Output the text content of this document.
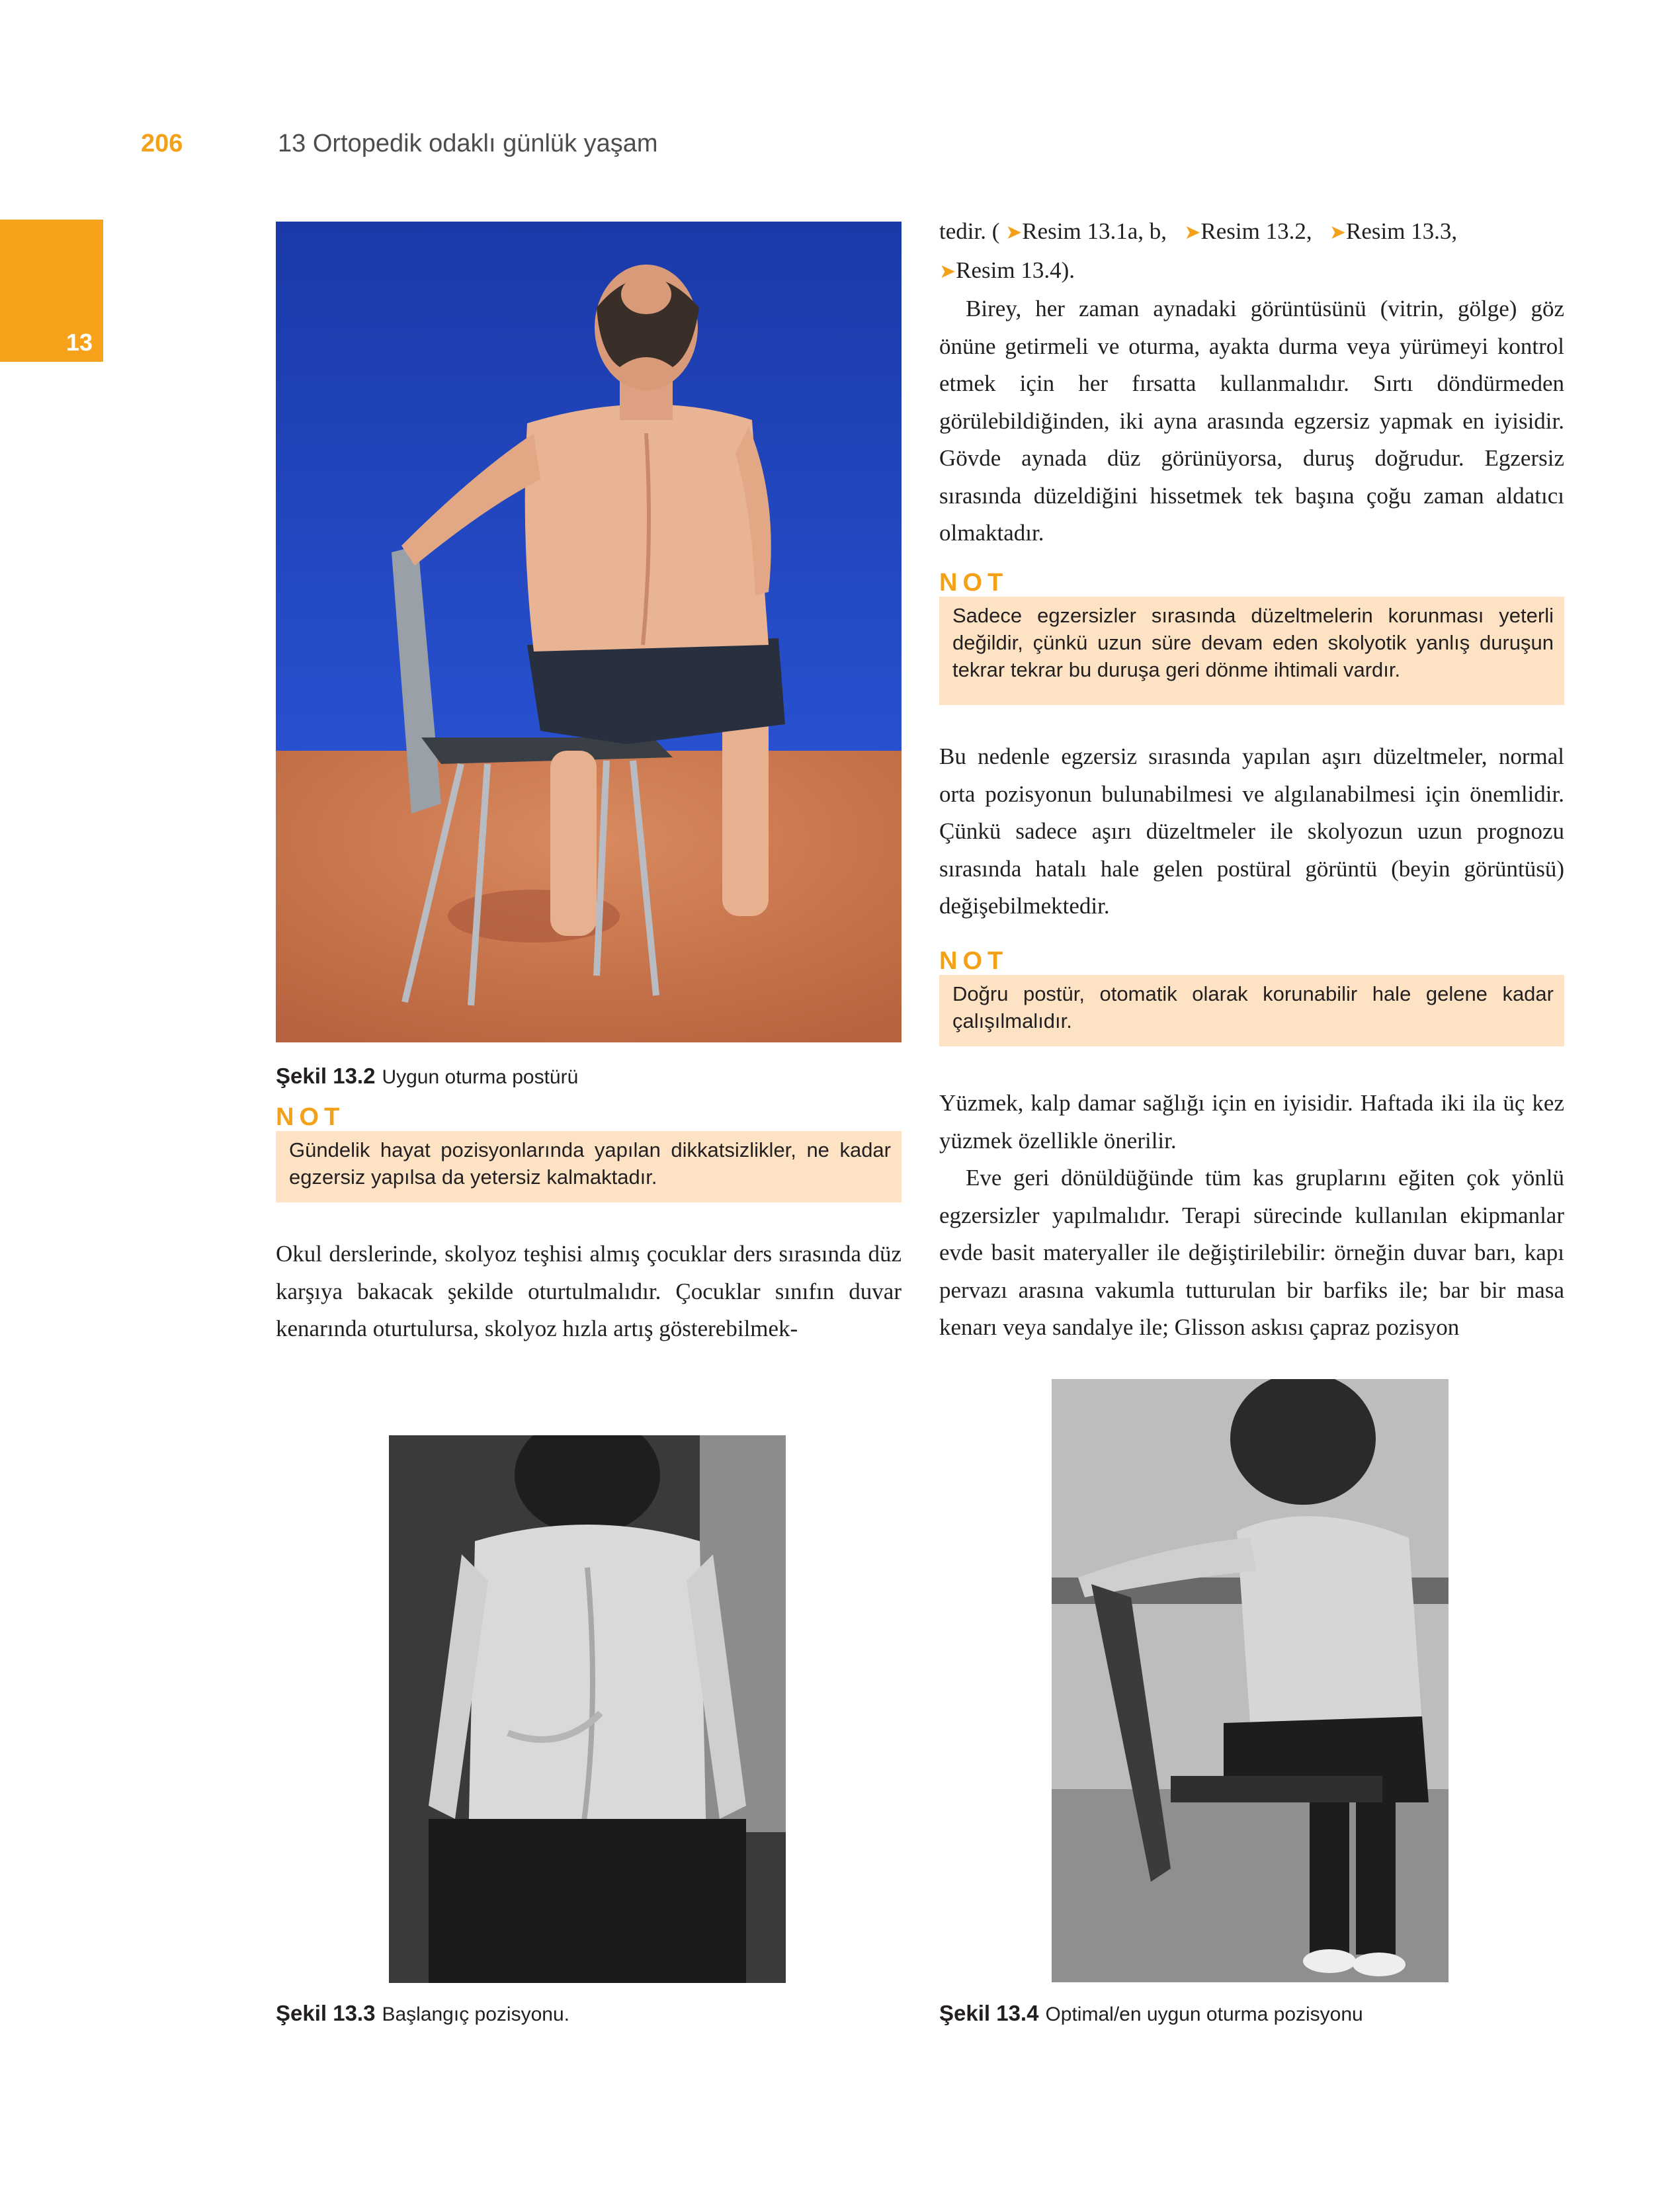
206	13 Ortopedik odaklı günlük yaşam
13
Şekil 13.2 Uygun oturma postürü
NOT
Gündelik hayat pozisyonlarında yapılan dikkatsizlikler, ne kadar egzersiz yapılsa da yetersiz kalmaktadır.

Okul derslerinde, skolyoz teşhisi almış çocuklar ders sırasında düz karşıya bakacak şekilde oturtulmalıdır. Çocuklar sınıfın duvar kenarında oturtulursa, skolyoz hızla artış gösterebilmek-

tedir. ( ➤Resim 13.1a, b, ➤Resim 13.2, ➤Resim 13.3,
➤Resim 13.4).

Birey, her zaman aynadaki görüntüsünü (vitrin, gölge) göz önüne getirmeli ve oturma, ayakta durma veya yürümeyi kontrol etmek için her fırsatta kullanmalıdır. Sırtı döndürmeden görülebildiğinden, iki ayna arasında egzersiz yapmak en iyisidir. Gövde aynada düz görünüyorsa, duruş doğrudur. Egzersiz sırasında düzeldiğini hissetmek tek başına çoğu zaman aldatıcı olmaktadır.

NOT
Sadece egzersizler sırasında düzeltmelerin korunması yeterli değildir, çünkü uzun süre devam eden skolyotik yanlış duruşun tekrar tekrar bu duruşa geri dönme ihtimali vardır.

Bu nedenle egzersiz sırasında yapılan aşırı düzeltmeler, normal orta pozisyonun bulunabilmesi ve algılanabilmesi için önemlidir. Çünkü sadece aşırı düzeltmeler ile skolyozun uzun prognozu sırasında hatalı hale gelen postüral görüntü (beyin görüntüsü) değişebilmektedir.

NOT
Doğru postür, otomatik olarak korunabilir hale gelene kadar çalışılmalıdır.

Yüzmek, kalp damar sağlığı için en iyisidir. Haftada iki ila üç kez yüzmek özellikle önerilir.

Eve geri dönüldüğünde tüm kas gruplarını eğiten çok yönlü egzersizler yapılmalıdır. Terapi sürecinde kullanılan ekipmanlar evde basit materyaller ile değiştirilebilir: örneğin duvar barı, kapı pervazı arasına vakumla tutturulan bir barfiks ile; bar bir masa kenarı veya sandalye ile; Glisson askısı çapraz pozisyon

Şekil 13.3 Başlangıç pozisyonu.	Şekil 13.4 Optimal/en uygun oturma pozisyonu
